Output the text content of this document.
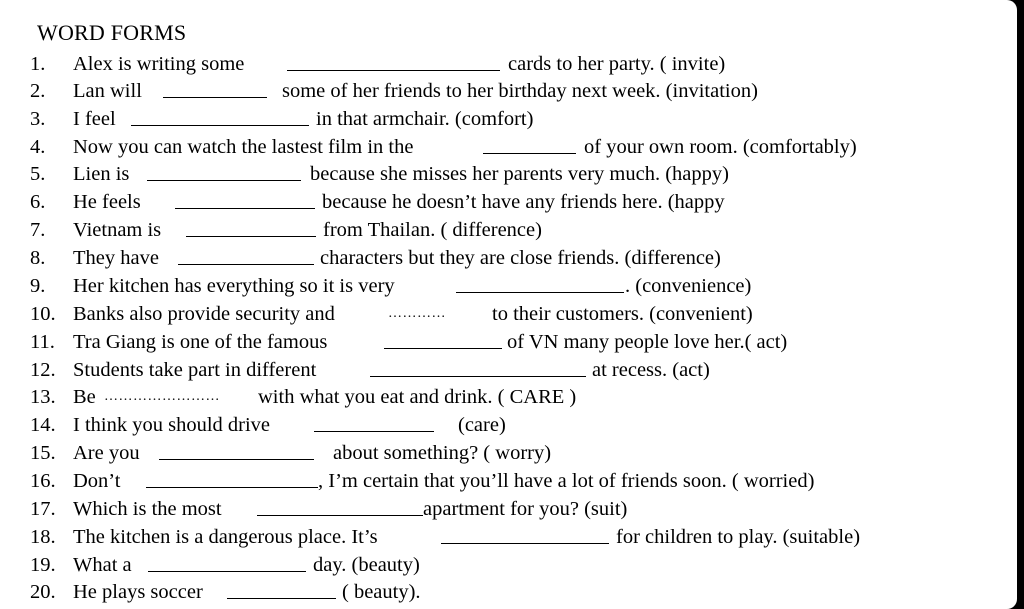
WORD FORMS
1. Alex is writing some	cards to her party. ( invite)
2. Lan will	some of her friends to her birthday next week. (invitation)
3. I feel	in that armchair. (comfort)
4. Now you can watch the lastest film in the	of your own room. (comfortably)
5. Lien is	because she misses her parents very much. (happy)
6. He feels	because he doesn’t have any friends here. (happy
7. Vietnam is	from Thailan. ( difference)
8. They have	characters but they are close friends. (difference)
9. Her kitchen has everything so it is very	. (convenience)
10. Banks also provide security and	………… to their customers. (convenient)
11. Tra Giang is one of the famous	of VN many people love her.( act)
12. Students take part in different	at recess. (act)
13. Be …………………… with what you eat and drink. ( CARE )
14. I think you should drive	(care)
15. Are you	about something? ( worry)
16. Don’t	, I’m certain that you’ll have a lot of friends soon. ( worried)
17. Which is the most	apartment for you? (suit)
18. The kitchen is a dangerous place. It’s	for children to play. (suitable)
19. What a	day. (beauty)
20. He plays soccer	( beauty).
